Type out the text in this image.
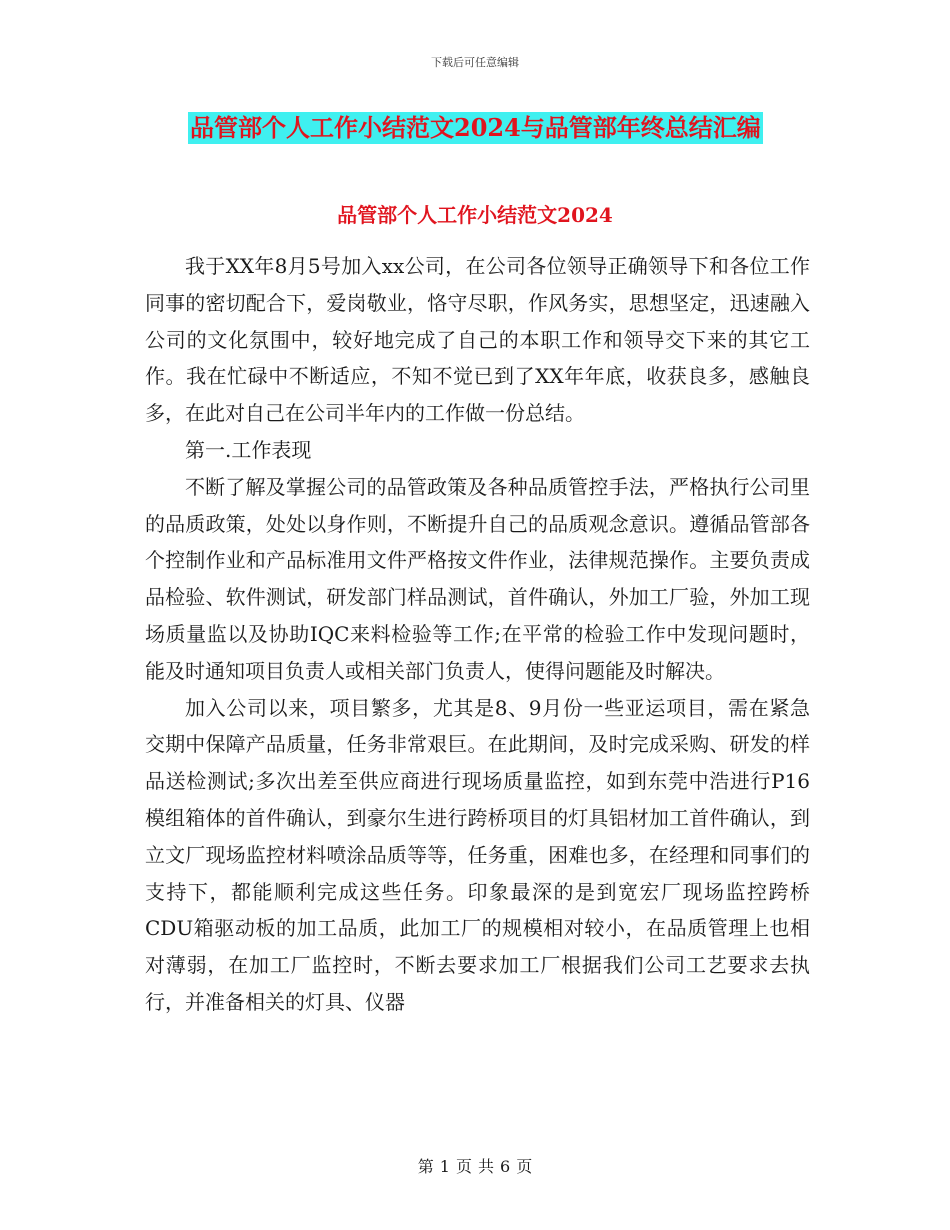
下载后可任意编辑
品管部个人工作小结范文2024与品管部年终总结汇编
品管部个人工作小结范文2024

我于XX年8月5号加入xx公司，在公司各位领导正确领导下和各位工作同事的密切配合下，爱岗敬业，恪守尽职，作风务实，思想坚定，迅速融入公司的文化氛围中，较好地完成了自己的本职工作和领导交下来的其它工作。我在忙碌中不断适应，不知不觉已到了XX年年底，收获良多，感触良多，在此对自己在公司半年内的工作做一份总结。

第一.工作表现

不断了解及掌握公司的品管政策及各种品质管控手法，严格执行公司里的品质政策，处处以身作则，不断提升自己的品质观念意识。遵循品管部各个控制作业和产品标准用文件严格按文件作业，法律规范操作。主要负责成品检验、软件测试，研发部门样品测试，首件确认，外加工厂验，外加工现场质量监以及协助IQC来料检验等工作;在平常的检验工作中发现问题时，能及时通知项目负责人或相关部门负责人，使得问题能及时解决。

加入公司以来，项目繁多，尤其是8、9月份一些亚运项目，需在紧急交期中保障产品质量，任务非常艰巨。在此期间，及时完成采购、研发的样品送检测试;多次出差至供应商进行现场质量监控，如到东莞中浩进行P16模组箱体的首件确认，到豪尔生进行跨桥项目的灯具铝材加工首件确认，到立文厂现场监控材料喷涂品质等等，任务重，困难也多，在经理和同事们的支持下，都能顺利完成这些任务。印象最深的是到宽宏厂现场监控跨桥CDU箱驱动板的加工品质，此加工厂的规模相对较小，在品质管理上也相对薄弱，在加工厂监控时，不断去要求加工厂根据我们公司工艺要求去执行，并准备相关的灯具、仪器

第 1 页 共 6 页
